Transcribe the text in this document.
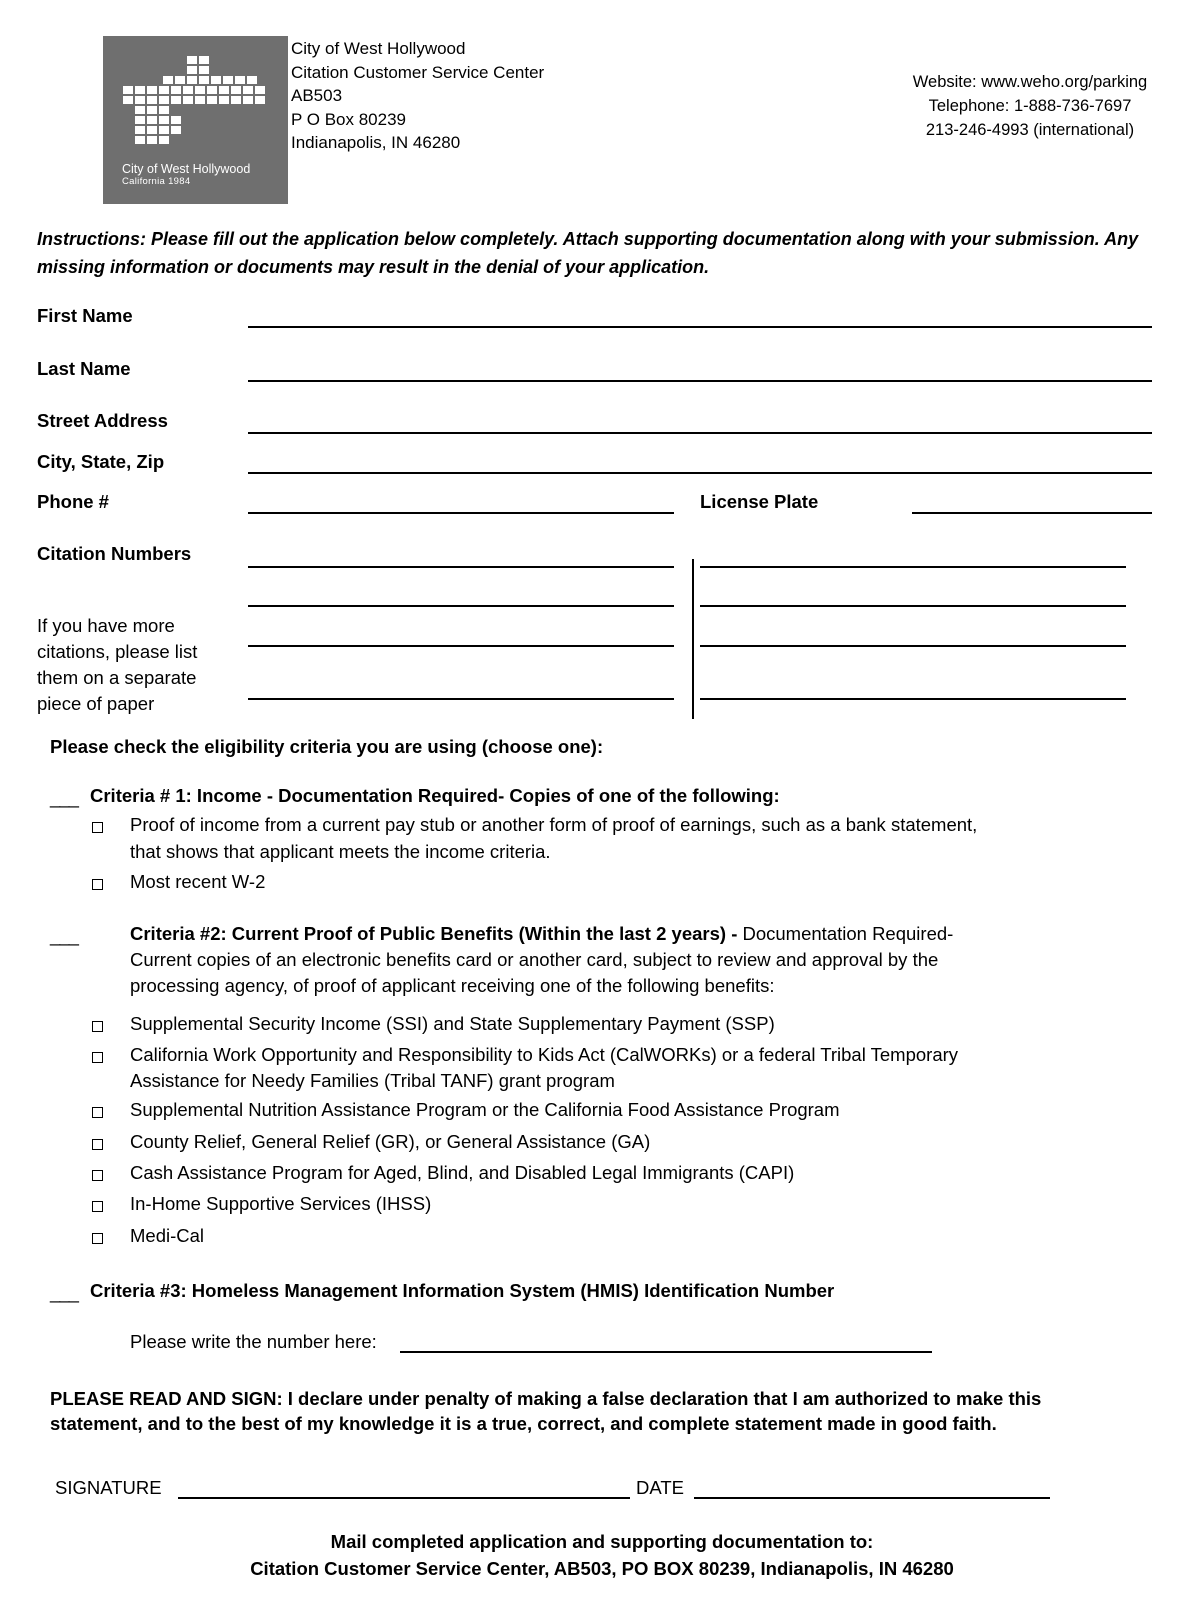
City of West Hollywood
California 1984
City of West Hollywood
Citation Customer Service Center
AB503
P O Box 80239
Indianapolis, IN 46280
Website: www.weho.org/parking
Telephone: 1-888-736-7697
213-246-4993 (international)
Instructions: Please fill out the application below completely. Attach supporting documentation along with your submission. Any missing information or documents may result in the denial of your application.
First Name
Last Name
Street Address
City, State, Zip
Phone #	License Plate
Citation Numbers
If you have more
citations, please list
them on a separate
piece of paper
Please check the eligibility criteria you are using (choose one):
___ Criteria # 1: Income - Documentation Required- Copies of one of the following:
Proof of income from a current pay stub or another form of proof of earnings, such as a bank statement,
that shows that applicant meets the income criteria.
Most recent W-2
___	Criteria #2: Current Proof of Public Benefits (Within the last 2 years) - Documentation Required-
Current copies of an electronic benefits card or another card, subject to review and approval by the
processing agency, of proof of applicant receiving one of the following benefits:
Supplemental Security Income (SSI) and State Supplementary Payment (SSP)
California Work Opportunity and Responsibility to Kids Act (CalWORKs) or a federal Tribal Temporary
Assistance for Needy Families (Tribal TANF) grant program
Supplemental Nutrition Assistance Program or the California Food Assistance Program
County Relief, General Relief (GR), or General Assistance (GA)
Cash Assistance Program for Aged, Blind, and Disabled Legal Immigrants (CAPI)
In-Home Supportive Services (IHSS)
Medi-Cal
___ Criteria #3: Homeless Management Information System (HMIS) Identification Number
Please write the number here:
PLEASE READ AND SIGN: I declare under penalty of making a false declaration that I am authorized to make this statement, and to the best of my knowledge it is a true, correct, and complete statement made in good faith.
SIGNATURE	DATE
Mail completed application and supporting documentation to:
Citation Customer Service Center, AB503, PO BOX 80239, Indianapolis, IN 46280
